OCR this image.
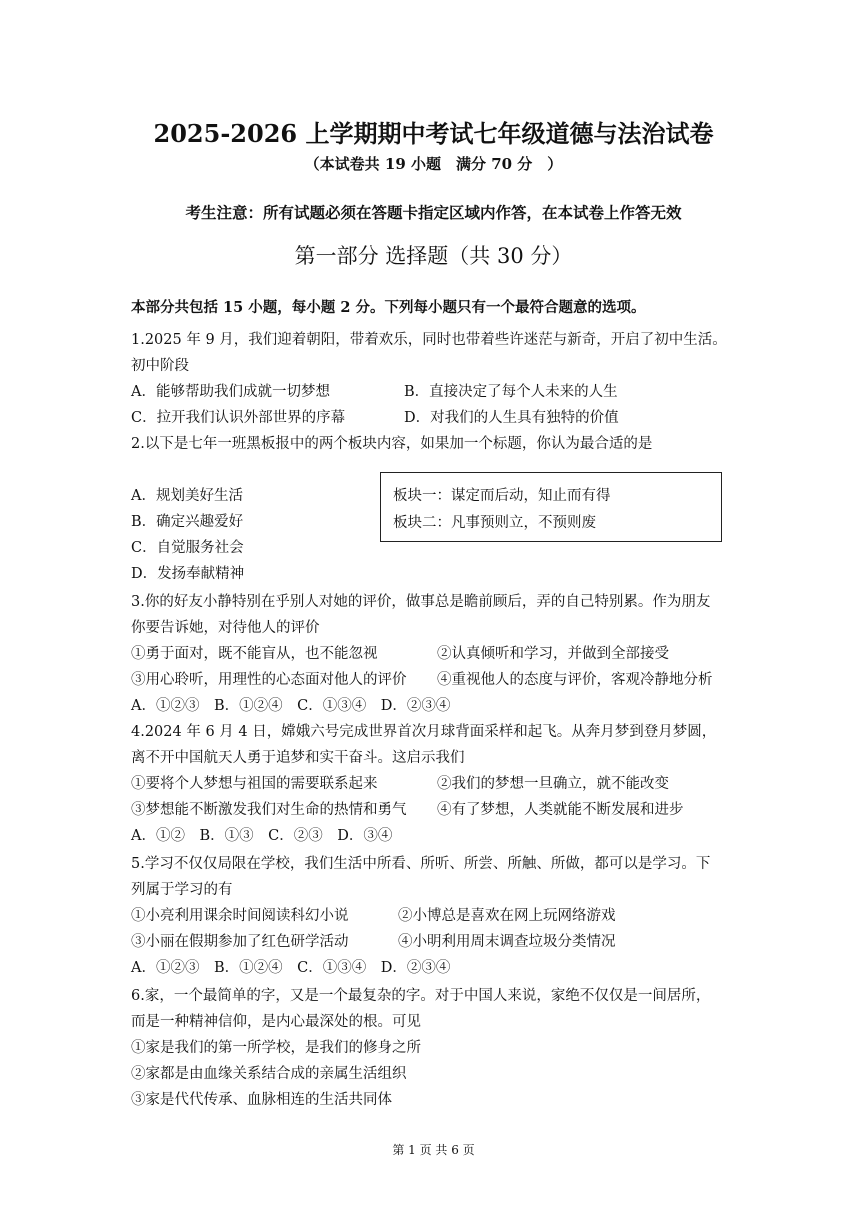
2025-2026 上学期期中考试七年级道德与法治试卷
（本试卷共 19 小题　满分 70 分　）
考生注意：所有试题必须在答题卡指定区域内作答，在本试卷上作答无效
第一部分 选择题（共 30 分）
本部分共包括 15 小题，每小题 2 分。下列每小题只有一个最符合题意的选项。
1.2025 年 9 月，我们迎着朝阳，带着欢乐，同时也带着些许迷茫与新奇，开启了初中生活。
初中阶段
A．能够帮助我们成就一切梦想	B．直接决定了每个人未来的人生
C．拉开我们认识外部世界的序幕	D．对我们的人生具有独特的价值
2.以下是七年一班黑板报中的两个板块内容，如果加一个标题，你认为最合适的是
A．规划美好生活
B．确定兴趣爱好
C．自觉服务社会
D．发扬奉献精神
板块一：谋定而后动，知止而有得
板块二：凡事预则立，不预则废
3.你的好友小静特别在乎别人对她的评价，做事总是瞻前顾后，弄的自己特别累。作为朋友
你要告诉她，对待他人的评价
①勇于面对，既不能盲从，也不能忽视	②认真倾听和学习，并做到全部接受
③用心聆听，用理性的心态面对他人的评价 ④重视他人的态度与评价，客观冷静地分析
A．①②③　B．①②④　C．①③④　D．②③④
4.2024 年 6 月 4 日，嫦娥六号完成世界首次月球背面采样和起飞。从奔月梦到登月梦圆，
离不开中国航天人勇于追梦和实干奋斗。这启示我们
①要将个人梦想与祖国的需要联系起来	②我们的梦想一旦确立，就不能改变
③梦想能不断激发我们对生命的热情和勇气 ④有了梦想，人类就能不断发展和进步
A．①②　B．①③　C．②③　D．③④
5.学习不仅仅局限在学校，我们生活中所看、所听、所尝、所触、所做，都可以是学习。下
列属于学习的有
①小亮利用课余时间阅读科幻小说	②小博总是喜欢在网上玩网络游戏
③小丽在假期参加了红色研学活动	④小明利用周末调查垃圾分类情况
A．①②③　B．①②④　C．①③④　D．②③④
6.家，一个最简单的字，又是一个最复杂的字。对于中国人来说，家绝不仅仅是一间居所，
而是一种精神信仰，是内心最深处的根。可见
①家是我们的第一所学校，是我们的修身之所
②家都是由血缘关系结合成的亲属生活组织
③家是代代传承、血脉相连的生活共同体
第 1 页 共 6 页
